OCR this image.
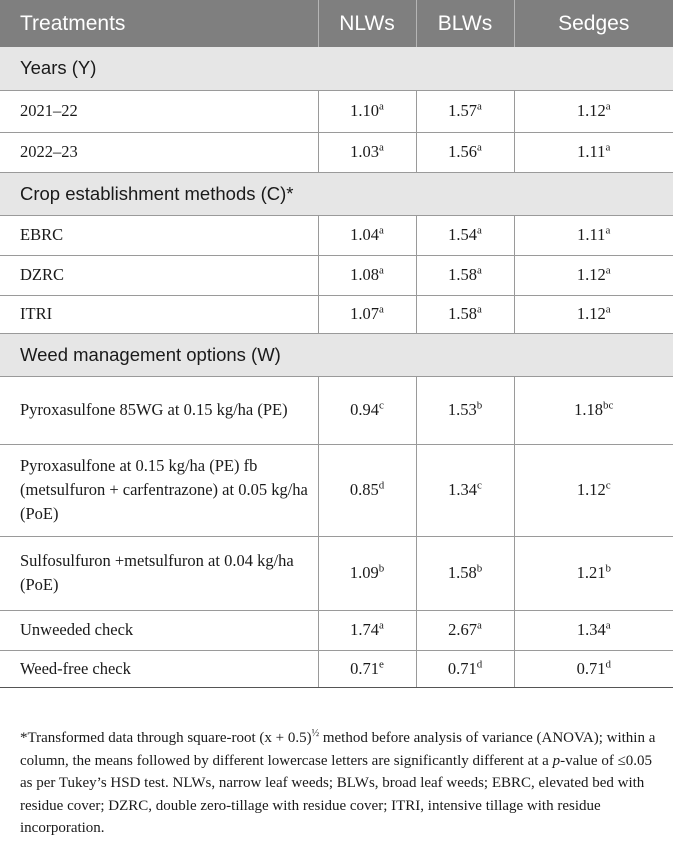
Treatments	NLWs	BLWs	Sedges
Years (Y)			
2021–22	1.10$^a$	1.57$^a$	1.12$^a$
2022–23	1.03$^a$	1.56$^a$	1.11$^a$
Crop establishment methods (C)*			
EBRC	1.04$^a$	1.54$^a$	1.11$^a$
DZRC	1.08$^a$	1.58$^a$	1.12$^a$
ITRI	1.07$^a$	1.58$^a$	1.12$^a$
Weed management options (W)			
Pyroxasulfone 85WG at 0.15 kg/ha (PE)	0.94$^c$	1.53$^b$	1.18$^{bc}$
Pyroxasulfone at 0.15 kg/ha (PE) fb (metsulfuron + carfentrazone) at 0.05 kg/ha (PoE)	0.85$^d$	1.34$^c$	1.12$^c$
Sulfosulfuron +metsulfuron at 0.04 kg/ha (PoE)	1.09$^b$	1.58$^b$	1.21$^b$
Unweeded check	1.74$^a$	2.67$^a$	1.34$^a$
Weed-free check	0.71e	0.71$^d$	0.71$^d$

*Transformed data through square-root $(x + 0.5)^{\frac{1}{2}}$ method before analysis of variance (ANOVA); within a column, the means followed by different lowercase letters are significantly different at a p-value of ≤0.05 as per Tukey’s HSD test. NLWs, narrow leaf weeds; BLWs, broad leaf weeds; EBRC, elevated bed with residue cover; DZRC, double zero-tillage with residue cover; ITRI, intensive tillage with residue incorporation.
